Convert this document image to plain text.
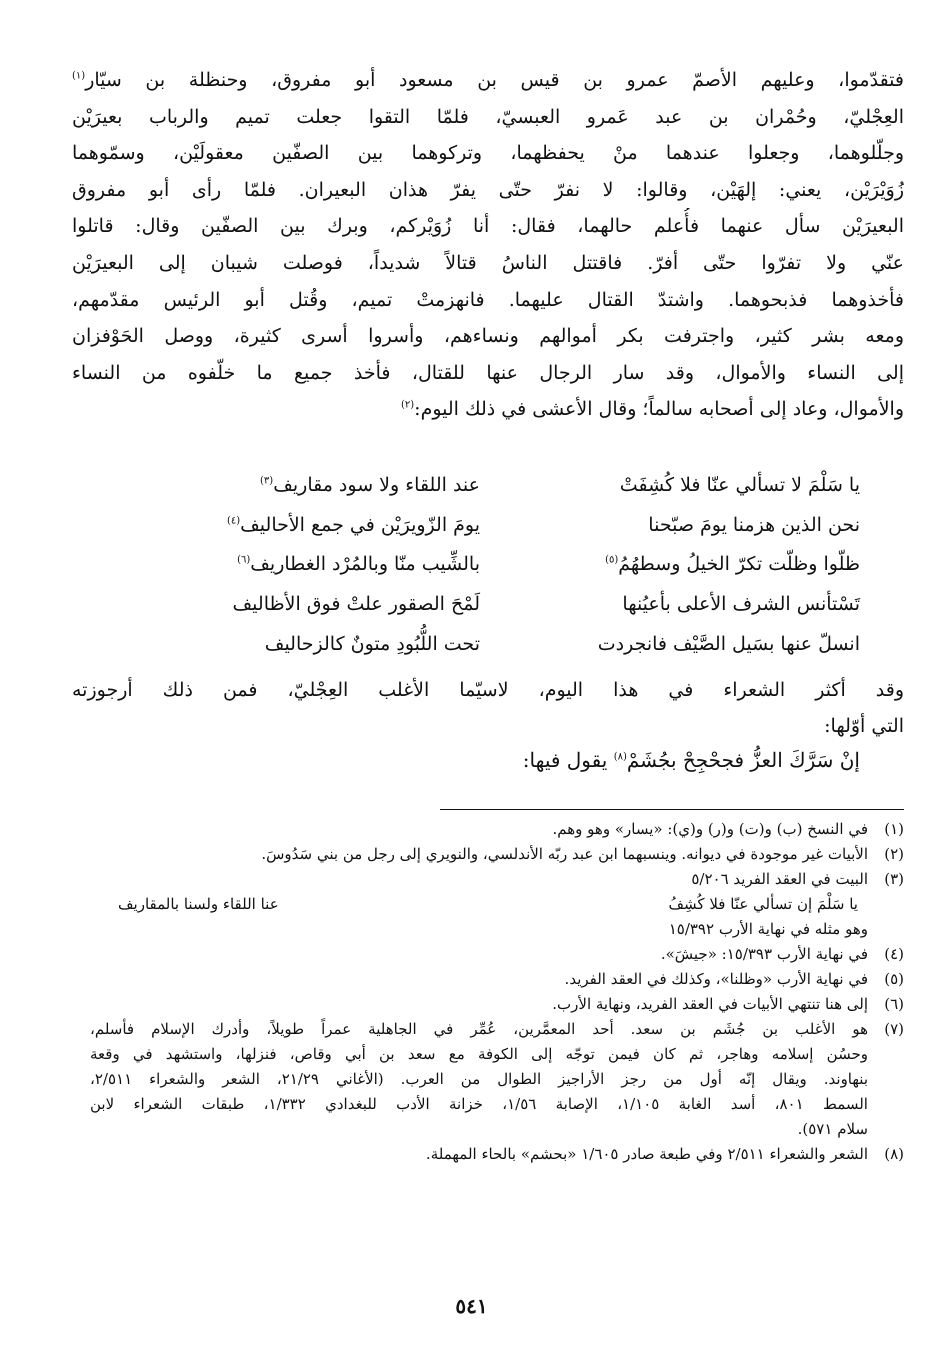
فتقدّموا، وعليهم الأصمّ عمرو بن قيس بن مسعود أبو مفروق، وحنظلة بن سيّار$^{(١)}$
العِجْليّ، وحُمْران بن عبد عَمرو العبسيّ، فلمّا التقوا جعلت تميم والرباب بعيرَيْن
وجلّلوهما، وجعلوا عندهما منْ يحفظهما، وتركوهما بين الصفّين معقولَيْن، وسمّوهما
زُوَيْرَيْن، يعني: إلهَيْن، وقالوا: لا نفرّ حتّى يفرّ هذان البعيران. فلمّا رأى أبو مفروق
البعيرَيْن سأل عنهما فأُعلم حالهما، فقال: أنا زُوَيْركم، وبرك بين الصفّين وقال: قاتلوا
عنّي ولا تفرّوا حتّى أفرّ. فاقتتل الناسُ قتالاً شديداً، فوصلت شيبان إلى البعيرَيْن
فأخذوهما فذبحوهما. واشتدّ القتال عليهما. فانهزمتْ تميم، وقُتل أبو الرئيس مقدّمهم،
ومعه بشر كثير، واجترفت بكر أموالهم ونساءهم، وأسروا أسرى كثيرة، ووصل الحَوْفزان
إلى النساء والأموال، وقد سار الرجال عنها للقتال، فأخذ جميع ما خلّفوه من النساء
والأموال، وعاد إلى أصحابه سالماً؛ وقال الأعشى في ذلك اليوم:$^{(٢)}$
يا سَلْمَ لا تسألي عنّا فلا كُشِفَتْ
عند اللقاء ولا سود مقاريف$^{(٣)}$
نحن الذين هزمنا يومَ صبّحنا
يومَ الزّويرَيْن في جمع الأحاليف$^{(٤)}$
ظلّوا وظلّت تكرّ الخيلُ وسطهُمُ$^{(٥)}$
بالشِّيب منّا وبالمُرْد الغطاريف$^{(٦)}$
تَسْتأنس الشرف الأعلى بأعيُنها
لَمْحَ الصقور علتْ فوق الأظاليف
انسلّ عنها بسَيل الصَّيْف فانجردت
تحت اللُّبُودِ متونٌ كالزحاليف
وقد أكثر الشعراء في هذا اليوم، لاسيّما الأغلب العِجْليّ، فمن ذلك أرجوزته
التي أوّلها:
إنْ سَرَّكَ العزُّ فجحْجِحْ بجُشَمْ$^{(٨)}$ يقول فيها:
(١)
في النسخ (ب) و(ت) و(ر) و(ي): «يسار» وهو وهم.
(٢)
الأبيات غير موجودة في ديوانه. وينسبهما ابن عبد ربّه الأندلسي، والنويري إلى رجل من بني سَدُوسَ.
(٣)
البيت في العقد الفريد ٥/٢٠٦
يا سَلْمَ إن تسألي عنّا فلا كُشِفُ
عنا اللقاء ولسنا بالمقاريف
وهو مثله في نهاية الأرب ١٥/٣٩٢
(٤)
في نهاية الأرب ١٥/٣٩٣: «جيشَ».
(٥)
في نهاية الأرب «وظلنا»، وكذلك في العقد الفريد.
(٦)
إلى هنا تنتهي الأبيات في العقد الفريد، ونهاية الأرب.
(٧)
هو الأغلب بن جُشَم بن سعد. أحد المعمَّرين، عُمِّر في الجاهلية عمراً طويلاً، وأدرك الإسلام فأسلم،
وحسُن إسلامه وهاجر، ثم كان فيمن توجّه إلى الكوفة مع سعد بن أبي وقاص، فنزلها، واستشهد في وقعة
بنهاوند. ويقال إنّه أول من رجز الأراجيز الطوال من العرب. (الأغاني ٢١/٢٩، الشعر والشعراء ٢/٥١١،
السمط ٨٠١، أسد الغابة ١/١٠٥، الإصابة ١/٥٦، خزانة الأدب للبغدادي ١/٣٣٢، طبقات الشعراء لابن
سلام ٥٧١).
(٨)
الشعر والشعراء ٢/٥١١ وفي طبعة صادر ١/٦٠٥ «بحشم» بالحاء المهملة.
٥٤١
